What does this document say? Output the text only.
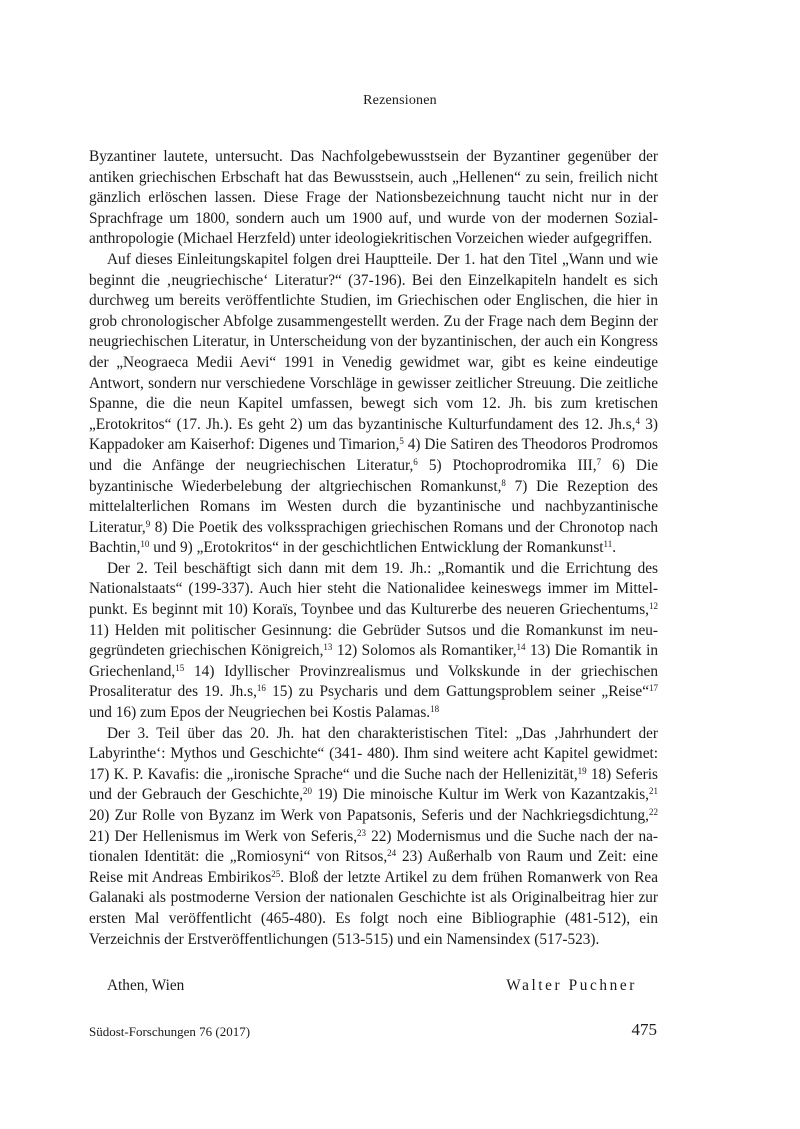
Rezensionen

Byzantiner lautete, untersucht. Das Nachfolgebewusstsein der Byzantiner gegenüber der antiken griechischen Erbschaft hat das Bewusstsein, auch „Hellenen“ zu sein, freilich nicht gänzlich erlöschen lassen. Diese Frage der Nationsbezeichnung taucht nicht nur in der Sprachfrage um 1800, sondern auch um 1900 auf, und wurde von der modernen Sozialanthropologie (Michael Herzfeld) unter ideologiekritischen Vorzeichen wieder aufgegriffen.

Auf dieses Einleitungskapitel folgen drei Hauptteile. Der 1. hat den Titel „Wann und wie beginnt die ‚neugriechische‘ Literatur?“ (37-196). Bei den Einzelkapiteln handelt es sich durchweg um bereits veröffentlichte Studien, im Griechischen oder Englischen, die hier in grob chronologischer Abfolge zusammengestellt werden. Zu der Frage nach dem Beginn der neugriechischen Literatur, in Unterscheidung von der byzantinischen, der auch ein Kongress der „Neograeca Medii Aevi“ 1991 in Venedig gewidmet war, gibt es keine eindeutige Antwort, sondern nur verschiedene Vorschläge in gewisser zeitlicher Streuung. Die zeitliche Spanne, die die neun Kapitel umfassen, bewegt sich vom 12. Jh. bis zum kretischen „Erotokritos“ (17. Jh.). Es geht 2) um das byzantinische Kulturfundament des 12. Jh.s,$^4$ 3) Kappadoker am Kaiserhof: Digenes und Timarion,$^5$ 4) Die Satiren des Theodoros Prodromos und die Anfänge der neugriechischen Literatur,$^6$ 5) Ptochoprodromika III,$^7$ 6) Die byzantinische Wiederbelebung der altgriechischen Romankunst,$^8$ 7) Die Rezeption des mittelalterlichen Romans im Westen durch die byzantinische und nachbyzantinische Literatur,$^9$ 8) Die Poetik des volkssprachigen griechischen Romans und der Chronotop nach Bachtin,$^{10}$ und 9) „Erotokritos“ in der geschichtlichen Entwicklung der Romankunst$^{11}$.

Der 2. Teil beschäftigt sich dann mit dem 19. Jh.: „Romantik und die Errichtung des Nationalstaats“ (199-337). Auch hier steht die Nationalidee keineswegs immer im Mittelpunkt. Es beginnt mit 10) Koraïs, Toynbee und das Kulturerbe des neueren Griechentums,$^{12}$ 11) Helden mit politischer Gesinnung: die Gebrüder Sutsos und die Romankunst im neugegründeten griechischen Königreich,$^{13}$ 12) Solomos als Romantiker,$^{14}$ 13) Die Romantik in Griechenland,$^{15}$ 14) Idyllischer Provinzrealismus und Volkskunde in der griechischen Prosaliteratur des 19. Jh.s,$^{16}$ 15) zu Psycharis und dem Gattungsproblem seiner „Reise“$^{17}$ und 16) zum Epos der Neugriechen bei Kostis Palamas.$^{18}$

Der 3. Teil über das 20. Jh. hat den charakteristischen Titel: „Das ‚Jahrhundert der Labyrinthe‘: Mythos und Geschichte“ (341- 480). Ihm sind weitere acht Kapitel gewidmet: 17) K. P. Kavafis: die „ironische Sprache“ und die Suche nach der Hellenizität,$^{19}$ 18) Seferis und der Gebrauch der Geschichte,$^{20}$ 19) Die minoische Kultur im Werk von Kazantzakis,$^{21}$ 20) Zur Rolle von Byzanz im Werk von Papatsonis, Seferis und der Nachkriegsdichtung,$^{22}$ 21) Der Hellenismus im Werk von Seferis,$^{23}$ 22) Modernismus und die Suche nach der nationalen Identität: die „Romiosyni“ von Ritsos,$^{24}$ 23) Außerhalb von Raum und Zeit: eine Reise mit Andreas Embirikos$^{25}$. Bloß der letzte Artikel zu dem frühen Romanwerk von Rea Galanaki als postmoderne Version der nationalen Geschichte ist als Originalbeitrag hier zur ersten Mal veröffentlicht (465-480). Es folgt noch eine Bibliographie (481-512), ein Verzeichnis der Erstveröffentlichungen (513-515) und ein Namensindex (517-523).

Athen, Wien	Walter Puchner
Südost-Forschungen 76 (2017)	475
